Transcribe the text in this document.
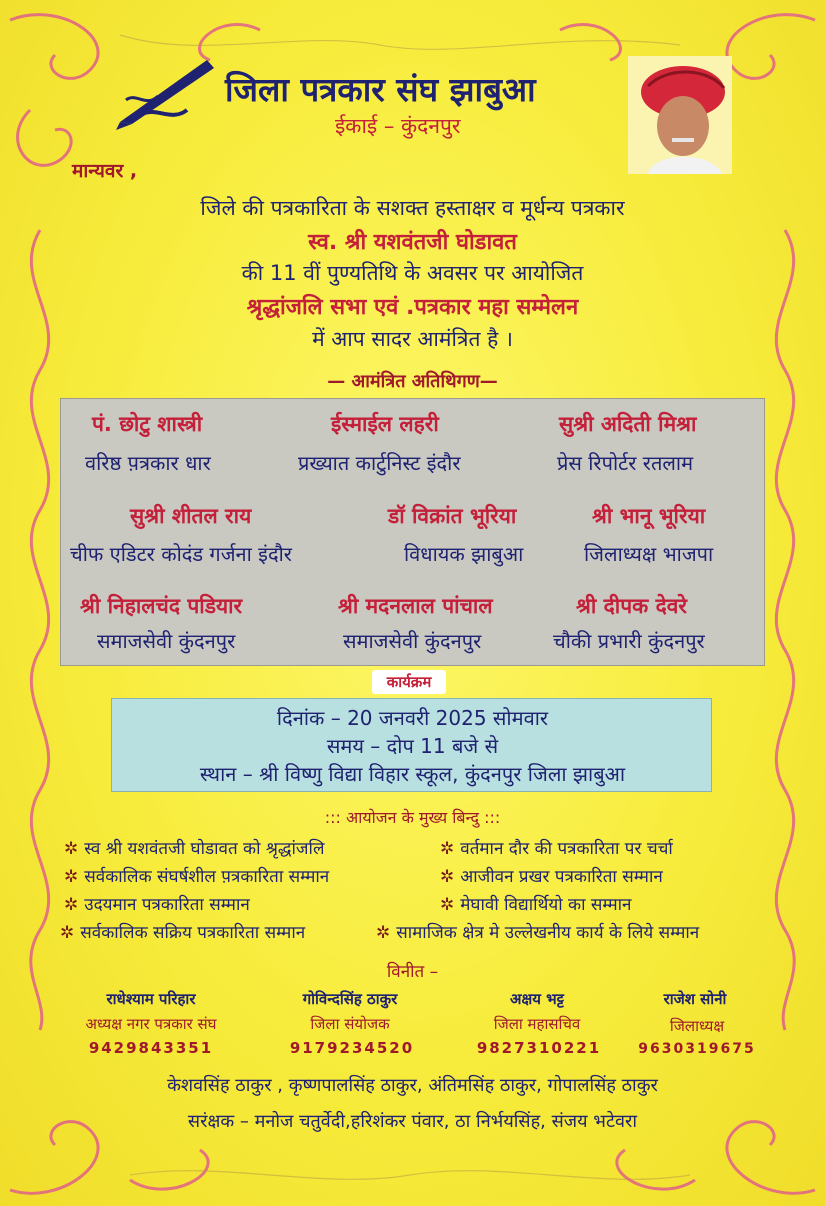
जिला पत्रकार संघ झाबुआ
ईकाई – कुंदनपुर
मान्यवर ,
जिले की पत्रकारिता के सशक्त हस्ताक्षर व मूर्धन्य पत्रकार
स्व. श्री यशवंतजी घोडावत
की 11 वीं पुण्यतिथि के अवसर पर आयोजित
श्रृद्धांजलि सभा एवं .पत्रकार महा सम्मेलन
में आप सादर आमंत्रित है ।
— आमंत्रित अतिथिगण—
पं. छोटु शास्त्री
वरिष्ठ प़त्रकार धार
ईस्माईल लहरी
प्रख्यात कार्टुनिस्ट इंदौर
सुश्री अदिती मिश्रा
प्रेस रिपोर्टर रतलाम
सुश्री शीतल राय
चीफ एडिटर कोदंड गर्जना इंदौर
डॉ विक्रांत भूरिया
विधायक झाबुआ
श्री भानू भूरिया
जिलाध्यक्ष भाजपा
श्री निहालचंद पडियार
समाजसेवी कुंदनपुर
श्री मदनलाल पांचाल
समाजसेवी कुंदनपुर
श्री दीपक देवरे
चौकी प्रभारी कुंदनपुर
कार्यक्रम
दिनांक – 20 जनवरी 2025 सोमवार
समय – दोप 11 बजे से
स्थान – श्री विष्णु विद्या विहार स्कूल, कुंदनपुर जिला झाबुआ
::: आयोजन के मुख्य बिन्दु :::
✲ स्व श्री यशवंतजी घोडावत को श्रृद्धांजलि	✲ वर्तमान दौर की पत्रकारिता पर चर्चा
✲ सर्वकालिक संघर्षशील प़त्रकारिता सम्मान	✲ आजीवन प्रखर पत्रकारिता सम्मान
✲ उदयमान पत्रकारिता सम्मान	✲ मेघावी विद्यार्थियो का सम्मान
✲ सर्वकालिक सक्रिय पत्रकारिता सम्मान	✲ सामाजिक क्षेत्र मे उल्लेखनीय कार्य के लिये सम्मान
विनीत –
राधेश्याम परिहार
अध्यक्ष नगर पत्रकार संघ
9429843351
गोविन्दसिंह ठाकुर
जिला संयोजक
9179234520
अक्षय भट्ट
जिला महासचिव
9827310221
राजेश सोनी
जिलाध्यक्ष
9630319675
केशवसिंह ठाकुर , कृष्णपालसिंह ठाकुर, अंतिमसिंह ठाकुर, गोपालसिंह ठाकुर
सरंक्षक – मनोज चतुर्वेदी,हरिशंकर पंवार, ठा निर्भयसिंह, संजय भटेवरा
